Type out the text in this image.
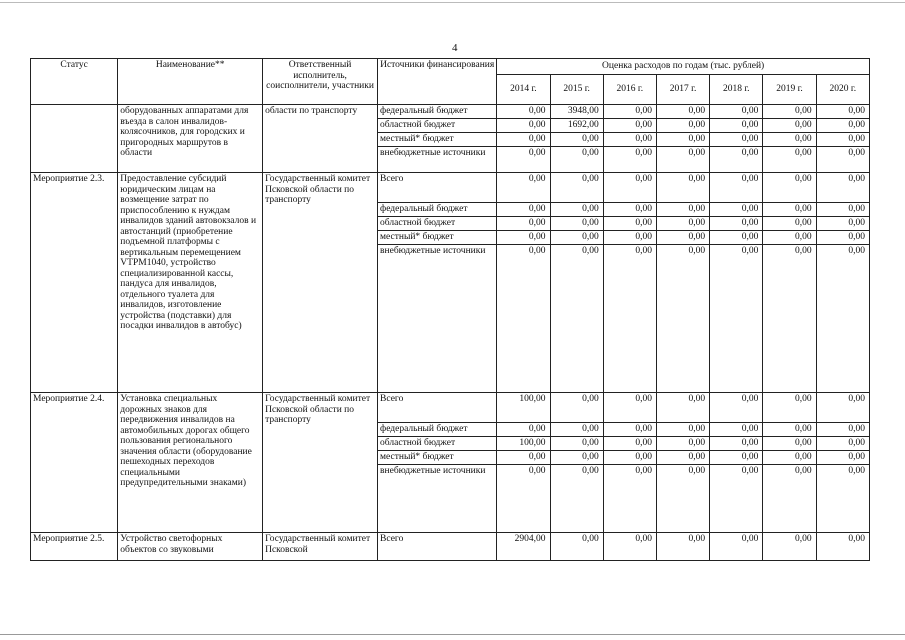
4
Статус	Наименование**	Ответственный исполнитель, соисполнители, участники	Источники финансирования	Оценка расходов по годам (тыс. рублей)						
				2014 г.	2015 г.	2016 г.	2017 г.	2018 г.	2019 г.	2020 г.
	оборудованных аппаратами для въезда в салон инвалидов-колясочников, для городских и пригородных маршрутов в области	области по транспорту	федеральный бюджет	0,00	3948,00	0,00	0,00	0,00	0,00	0,00
			областной бюджет	0,00	1692,00	0,00	0,00	0,00	0,00	0,00
			местный* бюджет	0,00	0,00	0,00	0,00	0,00	0,00	0,00
			внебюджетные источники	0,00	0,00	0,00	0,00	0,00	0,00	0,00
Мероприятие 2.3.	Предоставление субсидий юридическим лицам на возмещение затрат по приспособлению к нуждам инвалидов зданий автовокзалов и автостанций (приобретение подъемной платформы с вертикальным перемещением VTPM1040, устройство специализированной кассы, пандуса для инвалидов, отдельного туалета для инвалидов, изготовление устройства (подставки) для посадки инвалидов в автобус)	Государственный комитет Псковской области по транспорту	Всего	0,00	0,00	0,00	0,00	0,00	0,00	0,00
			федеральный бюджет	0,00	0,00	0,00	0,00	0,00	0,00	0,00
			областной бюджет	0,00	0,00	0,00	0,00	0,00	0,00	0,00
			местный* бюджет	0,00	0,00	0,00	0,00	0,00	0,00	0,00
			внебюджетные источники	0,00	0,00	0,00	0,00	0,00	0,00	0,00
Мероприятие 2.4.	Установка специальных дорожных знаков для передвижения инвалидов на автомобильных дорогах общего пользования регионального значения области (оборудование пешеходных переходов специальными предупредительными знаками)	Государственный комитет Псковской области по транспорту	Всего	100,00	0,00	0,00	0,00	0,00	0,00	0,00
			федеральный бюджет	0,00	0,00	0,00	0,00	0,00	0,00	0,00
			областной бюджет	100,00	0,00	0,00	0,00	0,00	0,00	0,00
			местный* бюджет	0,00	0,00	0,00	0,00	0,00	0,00	0,00
			внебюджетные источники	0,00	0,00	0,00	0,00	0,00	0,00	0,00
Мероприятие 2.5.	Устройство светофорных объектов со звуковыми	Государственный комитет Псковской	Всего	2904,00	0,00	0,00	0,00	0,00	0,00	0,00
